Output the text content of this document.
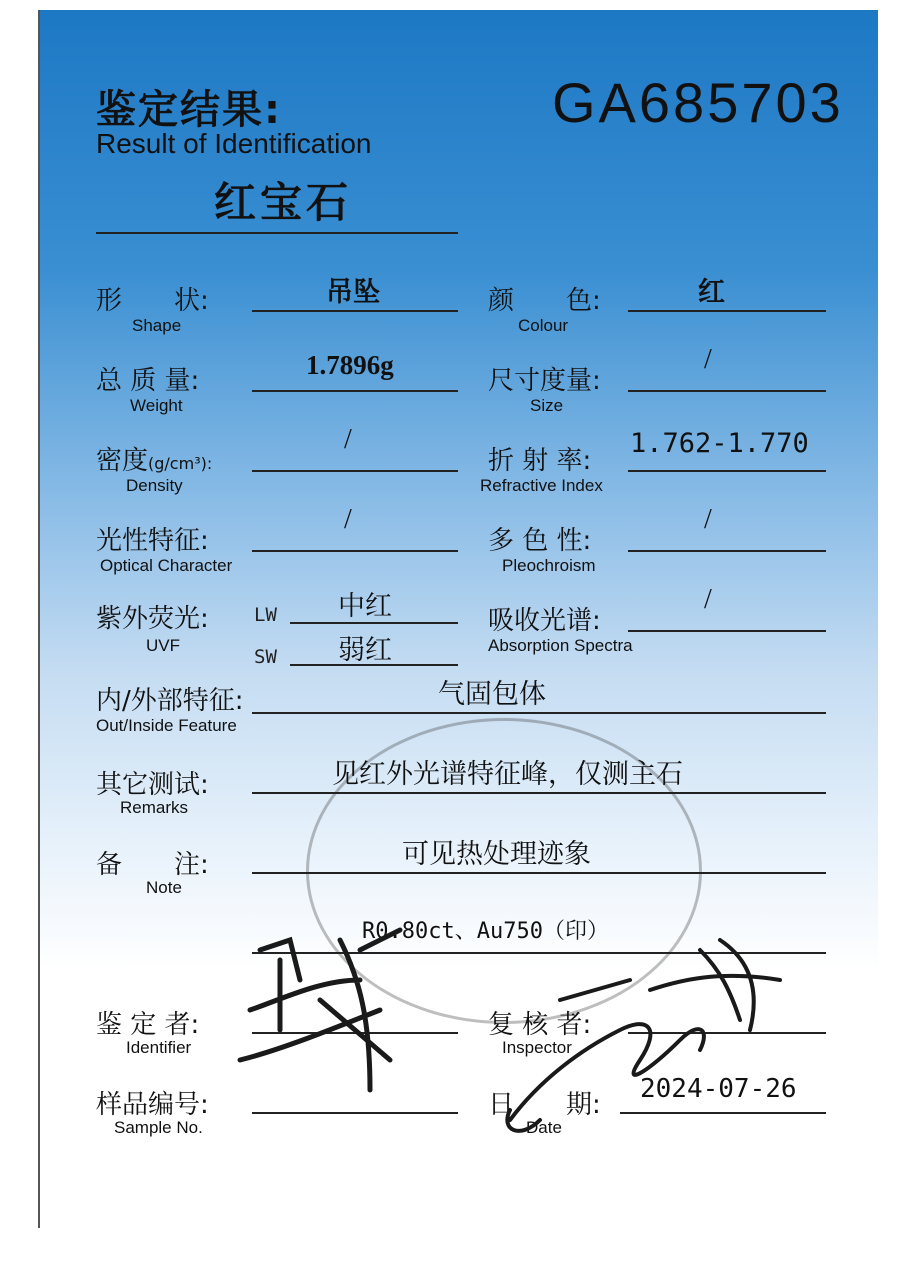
鉴定结果:
Result of Identification
GA685703
红宝石
形　　状:
Shape
吊坠	颜　　色:
Colour
红
总 质 量:
Weight
1.7896g
尺寸度量:
Size
/
密度(g/cm³):
Density
/
折 射 率:
Refractive Index
1.762-1.770
光性特征:
Optical Character
/
多 色 性:
Pleochroism
/
紫外荧光:
UVF
LW 中红
SW 弱红
吸收光谱:
Absorption Spectra
/
内/外部特征:
Out/Inside Feature
气固包体
其它测试:
Remarks
见红外光谱特征峰，仅测主石
备　　注:
Note
可见热处理迹象
R0.80ct、Au750（印）
鉴 定 者:
Identifier
复 核 者:
Inspector
样品编号:
Sample No.
日　　期:
Date
2024-07-26
